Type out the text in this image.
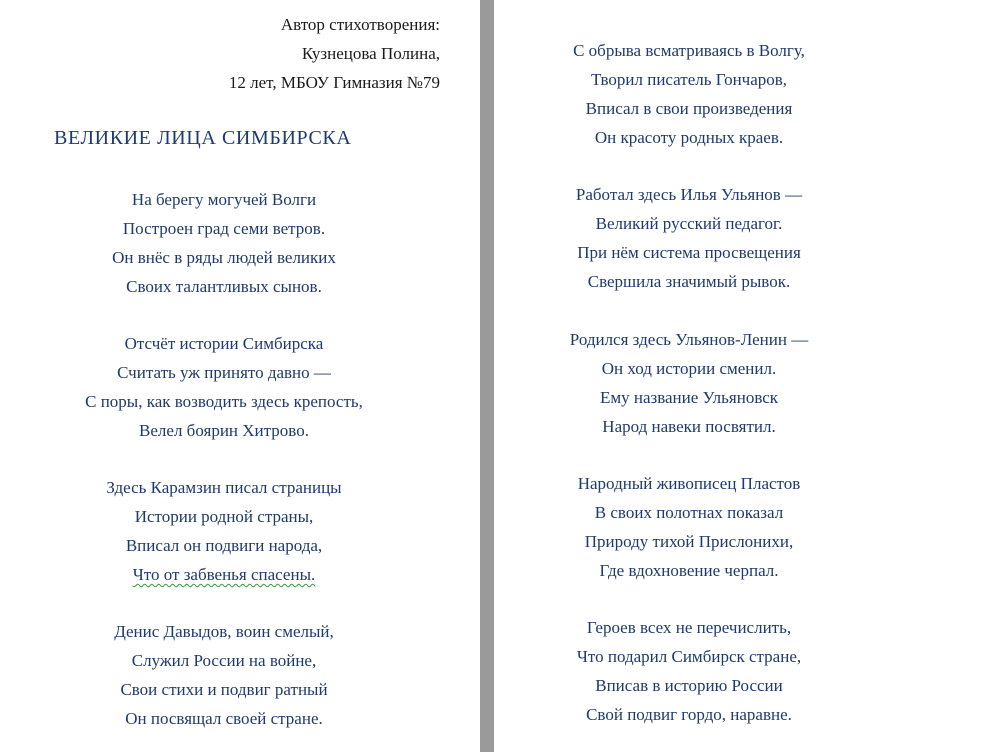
Автор стихотворения:
Кузнецова Полина,
12 лет, МБОУ Гимназия №79
ВЕЛИКИЕ ЛИЦА СИМБИРСКА
На берегу могучей Волги
Построен град семи ветров.
Он внёс в ряды людей великих
Своих талантливых сынов.
Отсчёт истории Симбирска
Считать уж принято давно —
С поры, как возводить здесь крепость,
Велел боярин Хитрово.
Здесь Карамзин писал страницы
Истории родной страны,
Вписал он подвиги народа,
Что от забвенья спасены.
Денис Давыдов, воин смелый,
Служил России на войне,
Свои стихи и подвиг ратный
Он посвящал своей стране.
С обрыва всматриваясь в Волгу,
Творил писатель Гончаров,
Вписал в свои произведения
Он красоту родных краев.
Работал здесь Илья Ульянов —
Великий русский педагог.
При нём система просвещения
Свершила значимый рывок.
Родился здесь Ульянов-Ленин —
Он ход истории сменил.
Ему название Ульяновск
Народ навеки посвятил.
Народный живописец Пластов
В своих полотнах показал
Природу тихой Прислонихи,
Где вдохновение черпал.
Героев всех не перечислить,
Что подарил Симбирск стране,
Вписав в историю России
Свой подвиг гордо, наравне.
